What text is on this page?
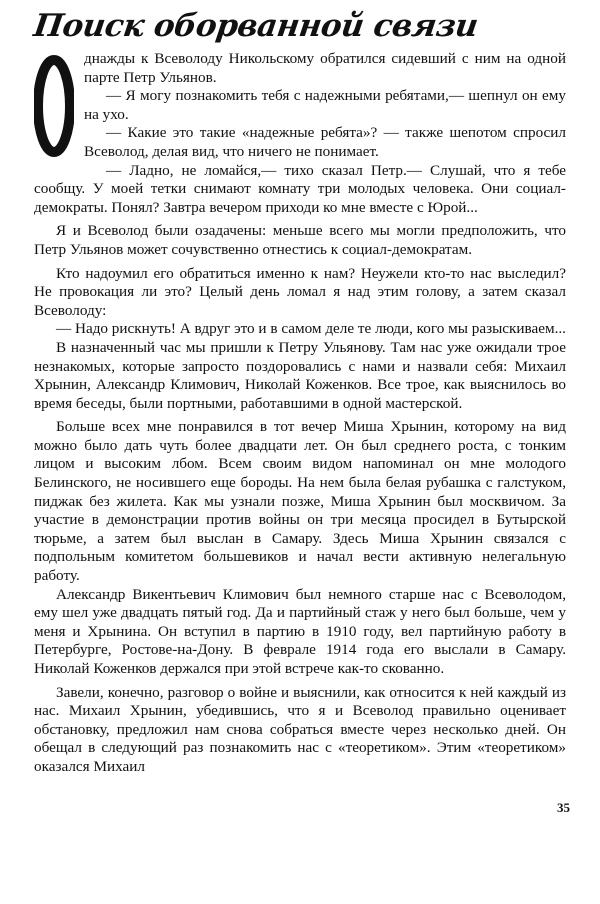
Поиск оборванной связи

днажды к Всеволоду Никольскому обратился сидевший с ним на одной парте Петр Ульянов.

— Я могу познакомить тебя с надежными ребятами,— шепнул он ему на ухо.

— Какие это такие «надежные ребята»? — также шепотом спросил Всеволод, делая вид, что ничего не понимает.

— Ладно, не ломайся,— тихо сказал Петр.— Слушай, что я тебе сообщу. У моей тетки снимают комнату три молодых человека. Они социал-демократы. Понял? Завтра вечером приходи ко мне вместе с Юрой...

Я и Всеволод были озадачены: меньше всего мы могли предположить, что Петр Ульянов может сочувственно отнестись к социал-демократам.

Кто надоумил его обратиться именно к нам? Неужели кто-то нас выследил? Не провокация ли это? Целый день ломал я над этим голову, а затем сказал Всеволоду:

— Надо рискнуть! А вдруг это и в самом деле те люди, кого мы разыскиваем...

В назначенный час мы пришли к Петру Ульянову. Там нас уже ожидали трое незнакомых, которые запросто поздоровались с нами и назвали себя: Михаил Хрынин, Александр Климович, Николай Коженков. Все трое, как выяснилось во время беседы, были портными, работавшими в одной мастерской.

Больше всех мне понравился в тот вечер Миша Хрынин, которому на вид можно было дать чуть более двадцати лет. Он был среднего роста, с тонким лицом и высоким лбом. Всем своим видом напоминал он мне молодого Белинского, не носившего еще бороды. На нем была белая рубашка с галстуком, пиджак без жилета. Как мы узнали позже, Миша Хрынин был москвичом. За участие в демонстрации против войны он три месяца просидел в Бутырской тюрьме, а затем был выслан в Самару. Здесь Миша Хрынин связался с подпольным комитетом большевиков и начал вести активную нелегальную работу.

Александр Викентьевич Климович был немного старше нас с Всеволодом, ему шел уже двадцать пятый год. Да и партийный стаж у него был больше, чем у меня и Хрынина. Он вступил в партию в 1910 году, вел партийную работу в Петербурге, Ростове-на-Дону. В феврале 1914 года его выслали в Самару. Николай Коженков держался при этой встрече как-то скованно.

Завели, конечно, разговор о войне и выяснили, как относится к ней каждый из нас. Михаил Хрынин, убедившись, что я и Всеволод правильно оценивает обстановку, предложил нам снова собраться вместе через несколько дней. Он обещал в следующий раз познакомить нас с «теоретиком». Этим «теоретиком» оказался Михаил

35
